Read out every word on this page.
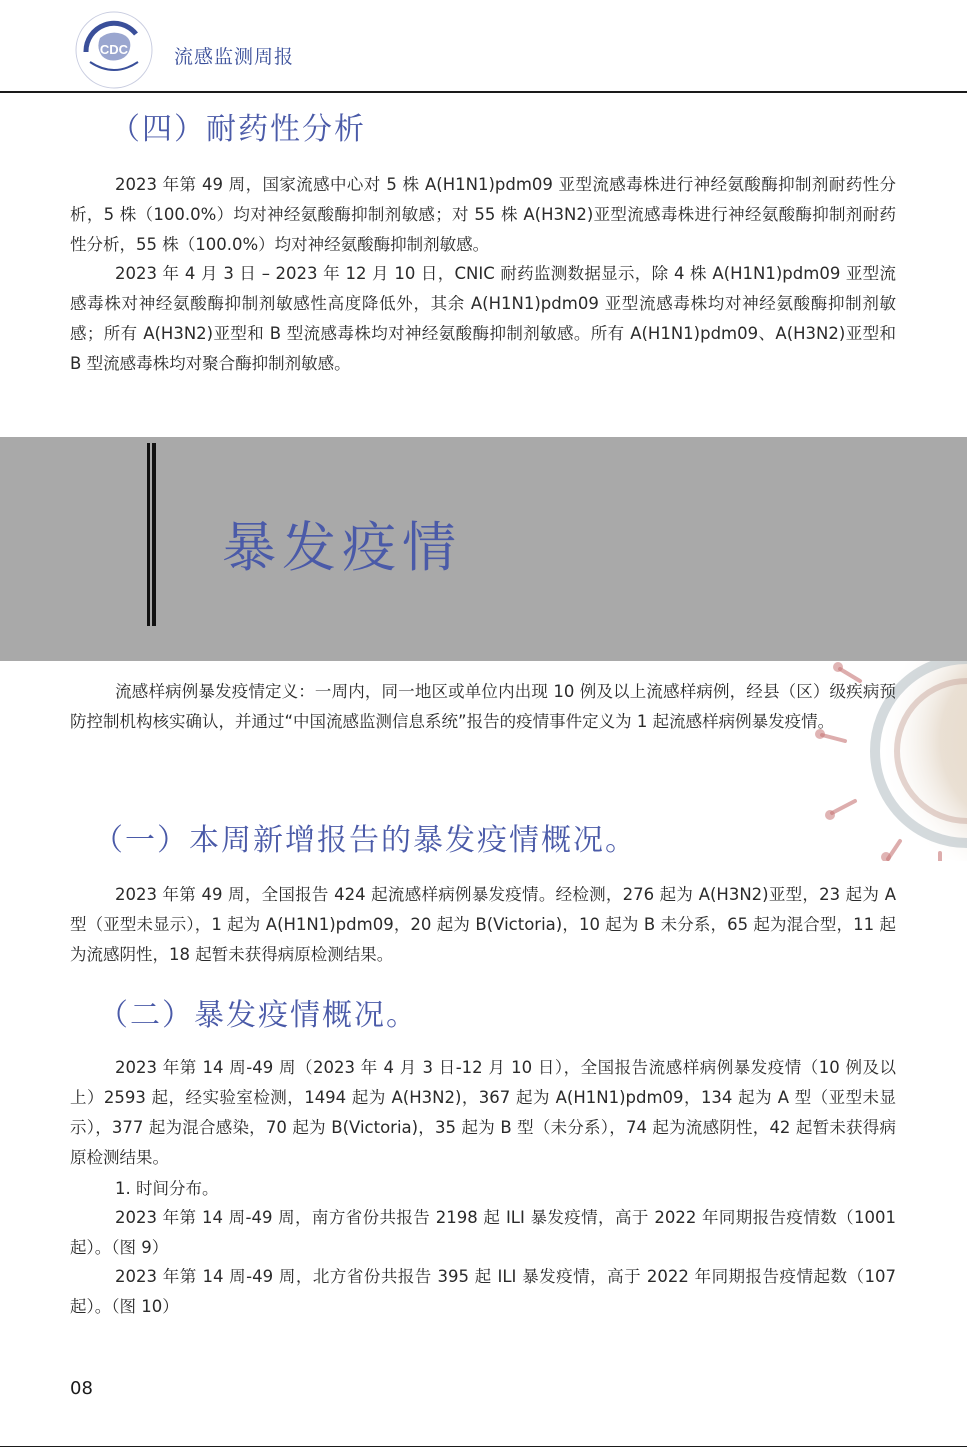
CDC 流感监测周报
（四）耐药性分析
2023 年第 49 周，国家流感中心对 5 株 A(H1N1)pdm09 亚型流感毒株进行神经氨酸酶抑制剂耐药性分析，5 株（100.0%）均对神经氨酸酶抑制剂敏感；对 55 株 A(H3N2)亚型流感毒株进行神经氨酸酶抑制剂耐药性分析，55 株（100.0%）均对神经氨酸酶抑制剂敏感。
2023 年 4 月 3 日 – 2023 年 12 月 10 日，CNIC 耐药监测数据显示，除 4 株 A(H1N1)pdm09 亚型流感毒株对神经氨酸酶抑制剂敏感性高度降低外，其余 A(H1N1)pdm09 亚型流感毒株均对神经氨酸酶抑制剂敏感；所有 A(H3N2)亚型和 B 型流感毒株均对神经氨酸酶抑制剂敏感。所有 A(H1N1)pdm09、A(H3N2)亚型和 B 型流感毒株均对聚合酶抑制剂敏感。
暴发疫情
流感样病例暴发疫情定义：一周内，同一地区或单位内出现 10 例及以上流感样病例，经县（区）级疾病预防控制机构核实确认，并通过“中国流感监测信息系统”报告的疫情事件定义为 1 起流感样病例暴发疫情。
（一）本周新增报告的暴发疫情概况。
2023 年第 49 周，全国报告 424 起流感样病例暴发疫情。经检测，276 起为 A(H3N2)亚型，23 起为 A 型（亚型未显示），1 起为 A(H1N1)pdm09，20 起为 B(Victoria)，10 起为 B 未分系，65 起为混合型，11 起为流感阴性，18 起暂未获得病原检测结果。
（二）暴发疫情概况。
2023 年第 14 周-49 周（2023 年 4 月 3 日-12 月 10 日），全国报告流感样病例暴发疫情（10 例及以上）2593 起，经实验室检测，1494 起为 A(H3N2)，367 起为 A(H1N1)pdm09，134 起为 A 型（亚型未显示），377 起为混合感染，70 起为 B(Victoria)，35 起为 B 型（未分系），74 起为流感阴性，42 起暂未获得病原检测结果。
1. 时间分布。
2023 年第 14 周-49 周，南方省份共报告 2198 起 ILI 暴发疫情，高于 2022 年同期报告疫情数（1001 起）。（图 9）
2023 年第 14 周-49 周，北方省份共报告 395 起 ILI 暴发疫情，高于 2022 年同期报告疫情起数（107 起）。（图 10）
08
